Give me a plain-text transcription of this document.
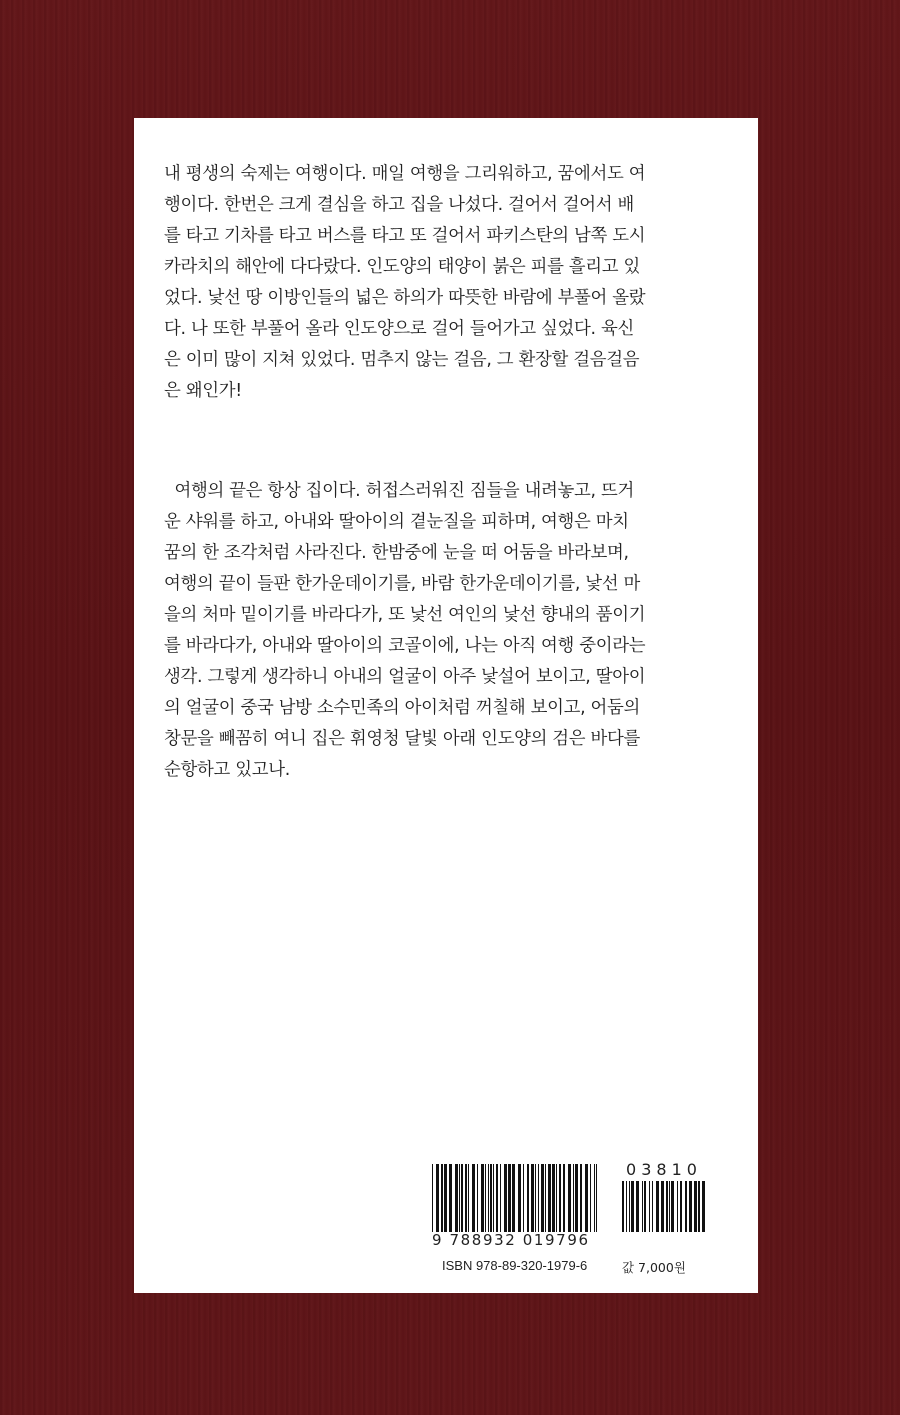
내 평생의 숙제는 여행이다. 매일 여행을 그리워하고, 꿈에서도 여
행이다. 한번은 크게 결심을 하고 집을 나섰다. 걸어서 걸어서 배
를 타고 기차를 타고 버스를 타고 또 걸어서 파키스탄의 남쪽 도시
카라치의 해안에 다다랐다. 인도양의 태양이 붉은 피를 흘리고 있
었다. 낯선 땅 이방인들의 넓은 하의가 따뜻한 바람에 부풀어 올랐
다. 나 또한 부풀어 올라 인도양으로 걸어 들어가고 싶었다. 육신
은 이미 많이 지쳐 있었다. 멈추지 않는 걸음, 그 환장할 걸음걸음
은 왜인가!
여행의 끝은 항상 집이다. 허접스러워진 짐들을 내려놓고, 뜨거
운 샤워를 하고, 아내와 딸아이의 곁눈질을 피하며, 여행은 마치
꿈의 한 조각처럼 사라진다. 한밤중에 눈을 떠 어둠을 바라보며,
여행의 끝이 들판 한가운데이기를, 바람 한가운데이기를, 낯선 마
을의 처마 밑이기를 바라다가, 또 낯선 여인의 낯선 향내의 품이기
를 바라다가, 아내와 딸아이의 코골이에, 나는 아직 여행 중이라는
생각. 그렇게 생각하니 아내의 얼굴이 아주 낯설어 보이고, 딸아이
의 얼굴이 중국 남방 소수민족의 아이처럼 꺼칠해 보이고, 어둠의
창문을 빼꼼히 여니 집은 휘영청 달빛 아래 인도양의 검은 바다를
순항하고 있고나.
03810
9 788932 019796
ISBN 978-89-320-1979-6	값 7,000원
